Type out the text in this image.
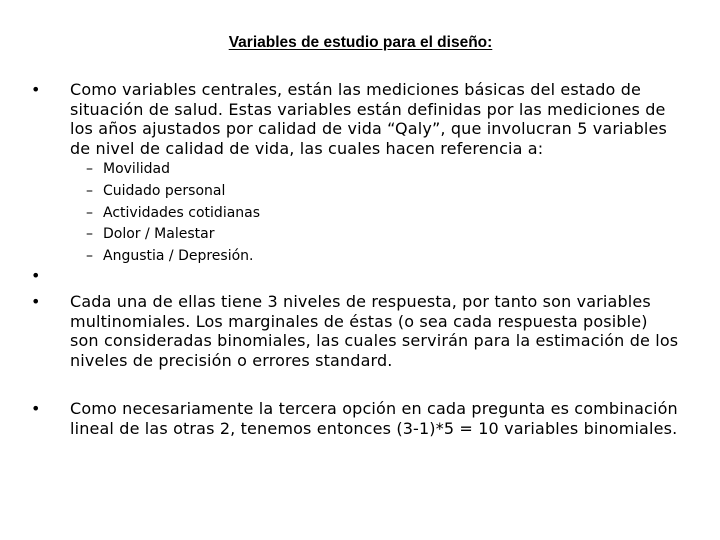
Variables de estudio para el diseño:
• Como variables centrales, están las mediciones básicas del estado de situación de salud. Estas variables están definidas por las mediciones de los años ajustados por calidad de vida “Qaly”, que involucran 5 variables de nivel de calidad de vida, las cuales hacen referencia a:
– Movilidad
– Cuidado personal
– Actividades cotidianas
– Dolor / Malestar
– Angustia / Depresión.
•
• Cada una de ellas tiene 3 niveles de respuesta, por tanto son variables multinomiales. Los marginales de éstas (o sea cada respuesta posible) son consideradas binomiales, las cuales servirán para la estimación de los niveles de precisión o errores standard.
• Como necesariamente la tercera opción en cada pregunta es combinación lineal de las otras 2, tenemos entonces (3-1)*5 = 10 variables binomiales.
